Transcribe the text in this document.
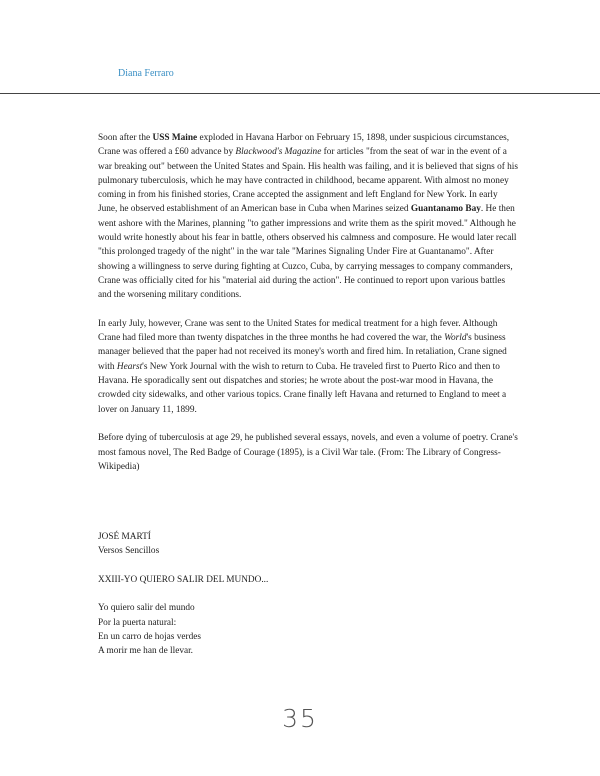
Diana Ferraro

Soon after the USS Maine exploded in Havana Harbor on February 15, 1898, under suspicious circumstances, Crane was offered a £60 advance by Blackwood's Magazine for articles "from the seat of war in the event of a war breaking out" between the United States and Spain. His health was failing, and it is believed that signs of his pulmonary tuberculosis, which he may have contracted in childhood, became apparent. With almost no money coming in from his finished stories, Crane accepted the assignment and left England for New York. In early June, he observed establishment of an American base in Cuba when Marines seized Guantanamo Bay. He then went ashore with the Marines, planning "to gather impressions and write them as the spirit moved." Although he would write honestly about his fear in battle, others observed his calmness and composure. He would later recall "this prolonged tragedy of the night" in the war tale "Marines Signaling Under Fire at Guantanamo". After showing a willingness to serve during fighting at Cuzco, Cuba, by carrying messages to company commanders, Crane was officially cited for his "material aid during the action". He continued to report upon various battles and the worsening military conditions.

In early July, however, Crane was sent to the United States for medical treatment for a high fever. Although Crane had filed more than twenty dispatches in the three months he had covered the war, the World's business manager believed that the paper had not received its money's worth and fired him. In retaliation, Crane signed with Hearst's New York Journal with the wish to return to Cuba. He traveled first to Puerto Rico and then to Havana. He sporadically sent out dispatches and stories; he wrote about the post-war mood in Havana, the crowded city sidewalks, and other various topics. Crane finally left Havana and returned to England to meet a lover on January 11, 1899.

Before dying of tuberculosis at age 29, he published several essays, novels, and even a volume of poetry. Crane's most famous novel, The Red Badge of Courage (1895), is a Civil War tale. (From: The Library of Congress- Wikipedia)

JOSÉ MARTÍ
Versos Sencillos
XXIII-YO QUIERO SALIR DEL MUNDO...
Yo quiero salir del mundo
Por la puerta natural:
En un carro de hojas verdes
A morir me han de llevar.
35
